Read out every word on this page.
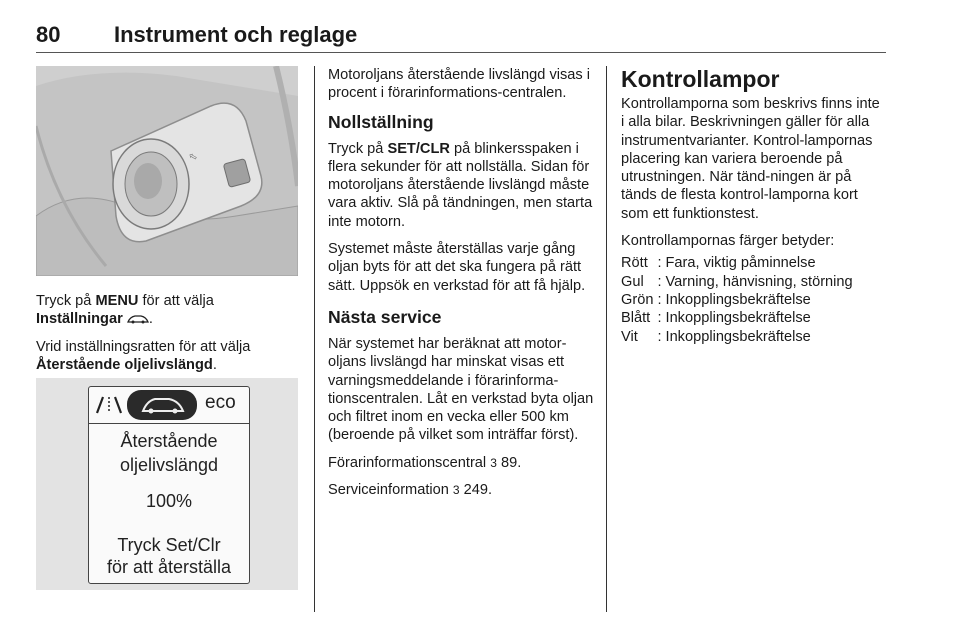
80 Instrument och reglage
⇧

Tryck på MENU för att välja
Inställningar .

Vrid inställningsratten för att välja
Återstående oljelivslängd.

eco
Återstående
oljelivslängd
100%
Tryck Set/Clr
för att återställa

Motoroljans återstående livslängd visas i procent i förarinformations-centralen.

Nollställning

Tryck på SET/CLR på blinkersspaken i flera sekunder för att nollställa. Sidan för motoroljans återstående livslängd måste vara aktiv. Slå på tändningen, men starta inte motorn.

Systemet måste återställas varje gång oljan byts för att det ska fungera på rätt sätt. Uppsök en verkstad för att få hjälp.

Nästa service

När systemet har beräknat att motor-oljans livslängd har minskat visas ett varningsmeddelande i förarinforma-tionscentralen. Låt en verkstad byta oljan och filtret inom en vecka eller 500 km (beroende på vilket som inträffar först).

Förarinformationscentral 3 89.

Serviceinformation 3 249.

Kontrollampor

Kontrollamporna som beskrivs finns inte i alla bilar. Beskrivningen gäller för alla instrumentvarianter. Kontrol-lampornas placering kan variera beroende på utrustningen. När tänd-ningen är på tänds de flesta kontrol-lamporna kort som ett funktionstest.

Kontrollampornas färger betyder:

Rött	:	Fara, viktig påminnelse
Gul	:	Varning, hänvisning, störning
Grön	:	Inkopplingsbekräftelse
Blått	:	Inkopplingsbekräftelse
Vit	:	Inkopplingsbekräftelse
